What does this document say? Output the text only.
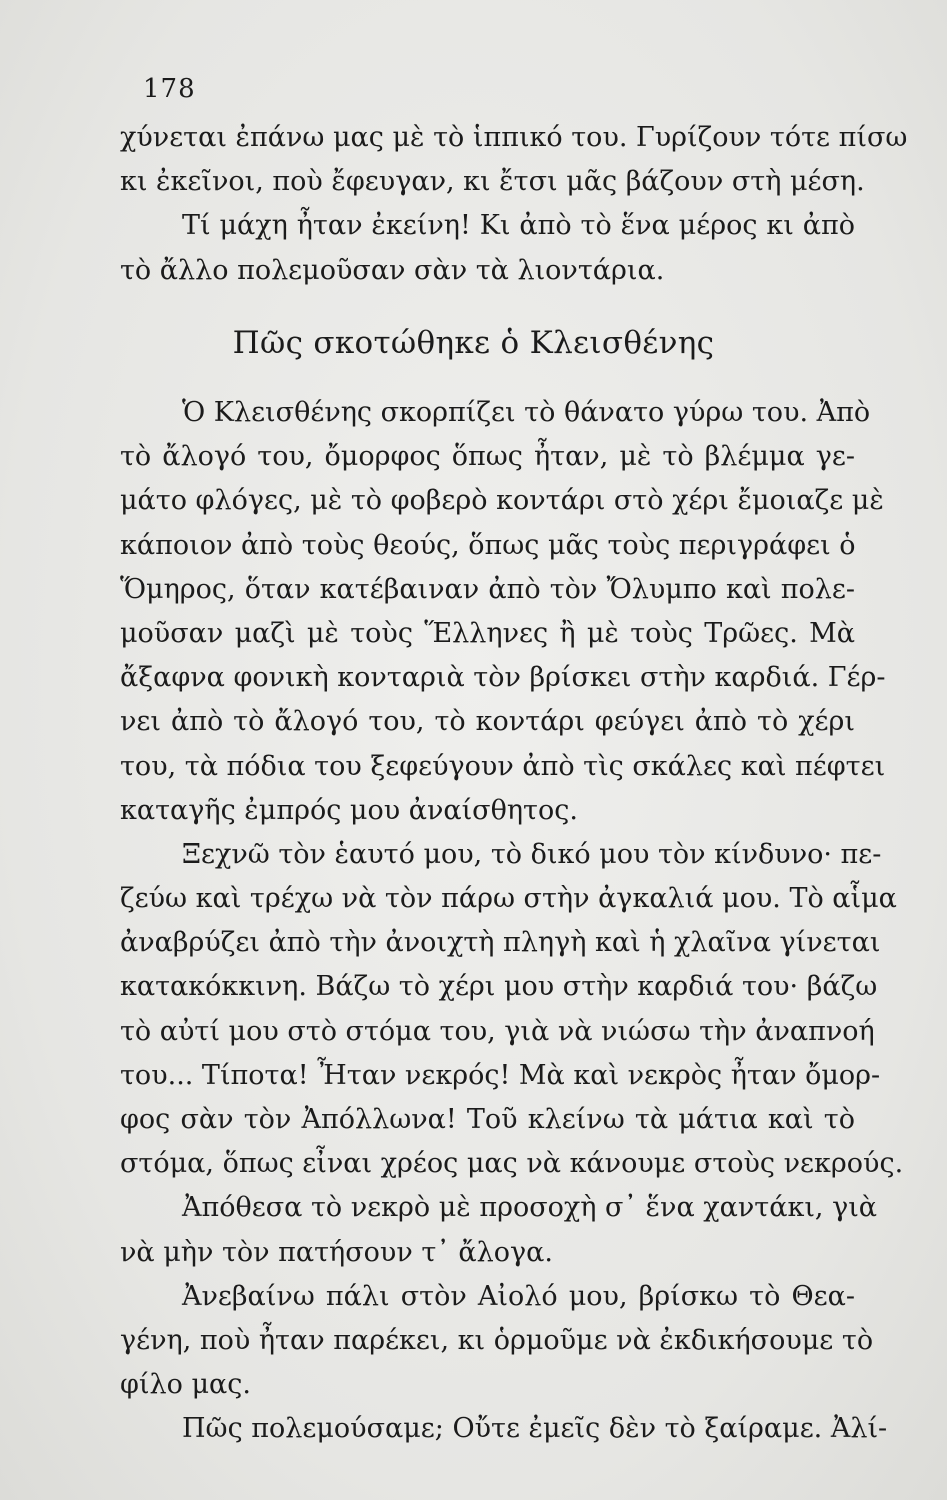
178
χύνεται ἐπάνω μας μὲ τὸ ἱππικό του. Γυρίζουν τότε πίσω
κι ἐκεῖνοι, ποὺ ἔφευγαν, κι ἔτσι μᾶς βάζουν στὴ μέση.
Τί μάχη ἦταν ἐκείνη! Κι ἀπὸ τὸ ἕνα μέρος κι ἀπὸ
τὸ ἄλλο πολεμοῦσαν σὰν τὰ λιοντάρια.
Πῶς σκοτώθηκε ὁ Κλεισθένης
Ὁ Κλεισθένης σκορπίζει τὸ θάνατο γύρω του. Ἀπὸ
τὸ ἄλογό του, ὄμορφος ὅπως ἦταν, μὲ τὸ βλέμμα γε-
μάτο φλόγες, μὲ τὸ φοβερὸ κοντάρι στὸ χέρι ἔμοιαζε μὲ
κάποιον ἀπὸ τοὺς θεούς, ὅπως μᾶς τοὺς περιγράφει ὁ
Ὅμηρος, ὅταν κατέβαιναν ἀπὸ τὸν Ὄλυμπο καὶ πολε-
μοῦσαν μαζὶ μὲ τοὺς Ἕλληνες ἢ μὲ τοὺς Τρῶες. Μὰ
ἄξαφνα φονικὴ κονταριὰ τὸν βρίσκει στὴν καρδιά. Γέρ-
νει ἀπὸ τὸ ἄλογό του, τὸ κοντάρι φεύγει ἀπὸ τὸ χέρι
του, τὰ πόδια του ξεφεύγουν ἀπὸ τὶς σκάλες καὶ πέφτει
καταγῆς ἐμπρός μου ἀναίσθητος.
Ξεχνῶ τὸν ἑαυτό μου, τὸ δικό μου τὸν κίνδυνο· πε-
ζεύω καὶ τρέχω νὰ τὸν πάρω στὴν ἀγκαλιά μου. Τὸ αἷμα
ἀναβρύζει ἀπὸ τὴν ἀνοιχτὴ πληγὴ καὶ ἡ χλαῖνα γίνεται
κατακόκκινη. Βάζω τὸ χέρι μου στὴν καρδιά του· βάζω
τὸ αὐτί μου στὸ στόμα του, γιὰ νὰ νιώσω τὴν ἀναπνοή
του... Τίποτα! Ἦταν νεκρός! Μὰ καὶ νεκρὸς ἦταν ὄμορ-
φος σὰν τὸν Ἀπόλλωνα! Τοῦ κλείνω τὰ μάτια καὶ τὸ
στόμα, ὅπως εἶναι χρέος μας νὰ κάνουμε στοὺς νεκρούς.
Ἀπόθεσα τὸ νεκρὸ μὲ προσοχὴ σ᾽ ἕνα χαντάκι, γιὰ
νὰ μὴν τὸν πατήσουν τ᾽ ἄλογα.
Ἀνεβαίνω πάλι στὸν Αἰολό μου, βρίσκω τὸ Θεα-
γένη, ποὺ ἦταν παρέκει, κι ὁρμοῦμε νὰ ἐκδικήσουμε τὸ
φίλο μας.
Πῶς πολεμούσαμε; Οὔτε ἐμεῖς δὲν τὸ ξαίραμε. Ἀλί-
